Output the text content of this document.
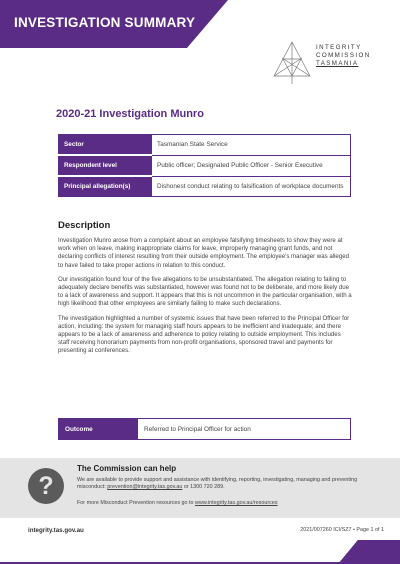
INVESTIGATION SUMMARY
INTEGRITY
COMMISSION
TASMANIA
2020-21 Investigation Munro
Sector	Tasmanian State Service
Respondent level	Public officer; Designated Public Officer - Senior Executive
Principal allegation(s)	Dishonest conduct relating to falsification of workplace documents
Description

Investigation Munro arose from a complaint about an employee falsifying timesheets to show they were at work when on leave, making inappropriate claims for leave, improperly managing grant funds, and not declaring conflicts of interest resulting from their outside employment. The employee's manager was alleged to have failed to take proper actions in relation to this conduct.

Our investigation found four of the five allegations to be unsubstantiated. The allegation relating to failing to adequately declare benefits was substantiated, however was found not to be deliberate, and more likely due to a lack of awareness and support. It appears that this is not uncommon in the particular organisation, with a high likelihood that other employees are similarly failing to make such declarations.

The investigation highlighted a number of systemic issues that have been referred to the Principal Officer for action, including: the system for managing staff hours appears to be inefficient and inadequate; and there appears to be a lack of awareness and adherence to policy relating to outside employment. This includes staff receiving honorarium payments from non-profit organisations, sponsored travel and payments for presenting at conferences.

Outcome	Referred to Principal Officer for action
?
The Commission can help

We are available to provide support and assistance with identifying, reporting, investigating, managing and preventing misconduct: prevention@integrity.tas.gov.au or 1300 720 289.

For more Misconduct Prevention resources go to www.integrity.tas.gov.au/resources

integrity.tas.gov.au	2021/007260 ICI/SZ7 • Page 1 of 1
